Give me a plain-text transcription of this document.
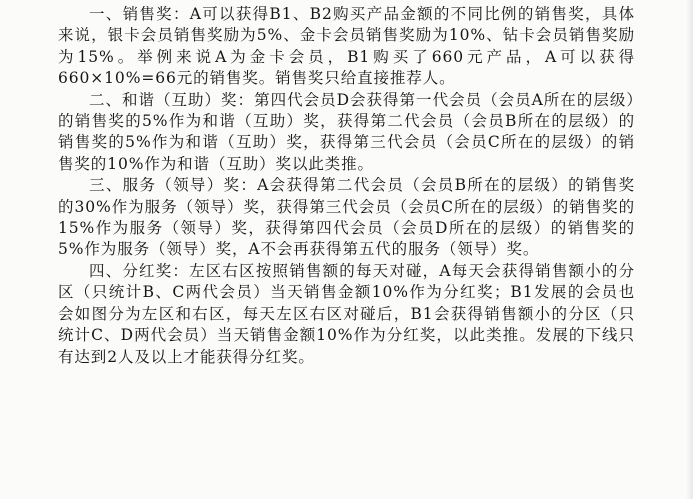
一、销售奖：A可以获得B1、B2购买产品金额的不同比例的销售奖，具体来说，银卡会员销售奖励为5%、金卡会员销售奖励为10%、钻卡会员销售奖励为15%。举例来说A为金卡会员，B1购买了660元产品，A可以获得660×10%=66元的销售奖。销售奖只给直接推荐人。

二、和谐（互助）奖：第四代会员D会获得第一代会员（会员A所在的层级）的销售奖的5%作为和谐（互助）奖，获得第二代会员（会员B所在的层级）的销售奖的5%作为和谐（互助）奖，获得第三代会员（会员C所在的层级）的销售奖的10%作为和谐（互助）奖以此类推。

三、服务（领导）奖：A会获得第二代会员（会员B所在的层级）的销售奖的30%作为服务（领导）奖，获得第三代会员（会员C所在的层级）的销售奖的15%作为服务（领导）奖，获得第四代会员（会员D所在的层级）的销售奖的5%作为服务（领导）奖，A不会再获得第五代的服务（领导）奖。

四、分红奖：左区右区按照销售额的每天对碰，A每天会获得销售额小的分区（只统计B、C两代会员）当天销售金额10%作为分红奖；B1发展的会员也会如图分为左区和右区，每天左区右区对碰后，B1会获得销售额小的分区（只统计C、D两代会员）当天销售金额10%作为分红奖，以此类推。发展的下线只有达到2人及以上才能获得分红奖。
